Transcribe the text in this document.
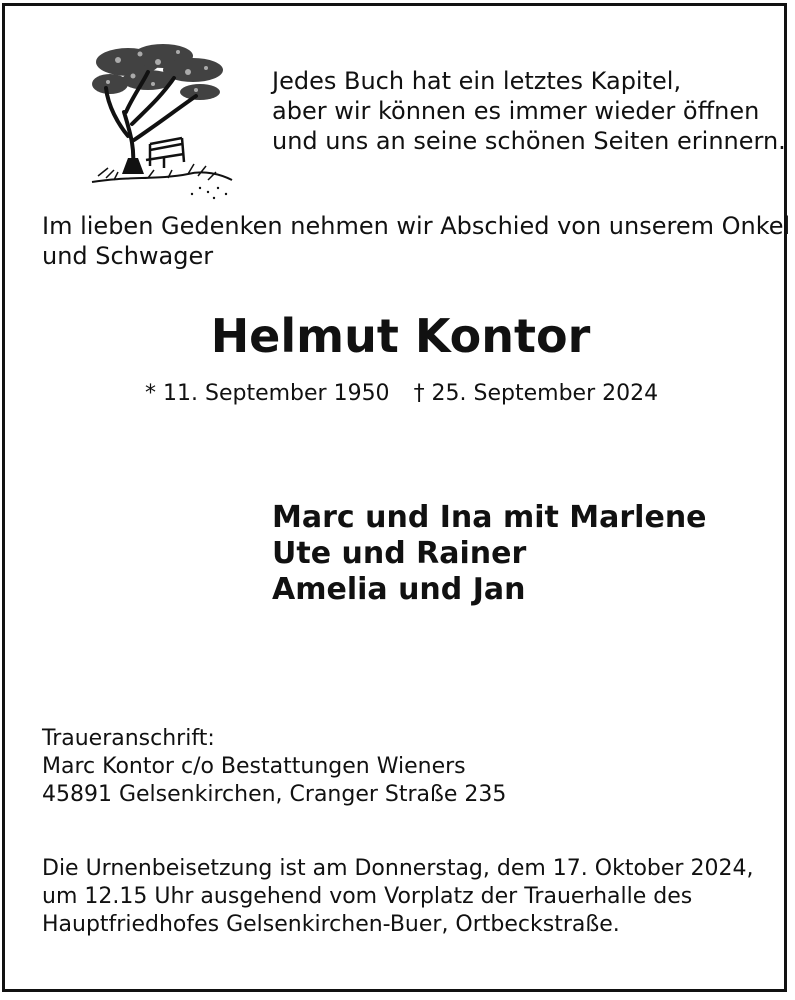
Jedes Buch hat ein letztes Kapitel,
aber wir können es immer wieder öffnen
und uns an seine schönen Seiten erinnern.
Im lieben Gedenken nehmen wir Abschied von unserem Onkel
und Schwager
Helmut Kontor
* 11. September 1950 † 25. September 2024
Marc und Ina mit Marlene
Ute und Rainer
Amelia und Jan
Traueranschrift:
Marc Kontor c/o Bestattungen Wieners
45891 Gelsenkirchen, Cranger Straße 235
Die Urnenbeisetzung ist am Donnerstag, dem 17. Oktober 2024,
um 12.15 Uhr ausgehend vom Vorplatz der Trauerhalle des
Hauptfriedhofes Gelsenkirchen-Buer, Ortbeckstraße.
